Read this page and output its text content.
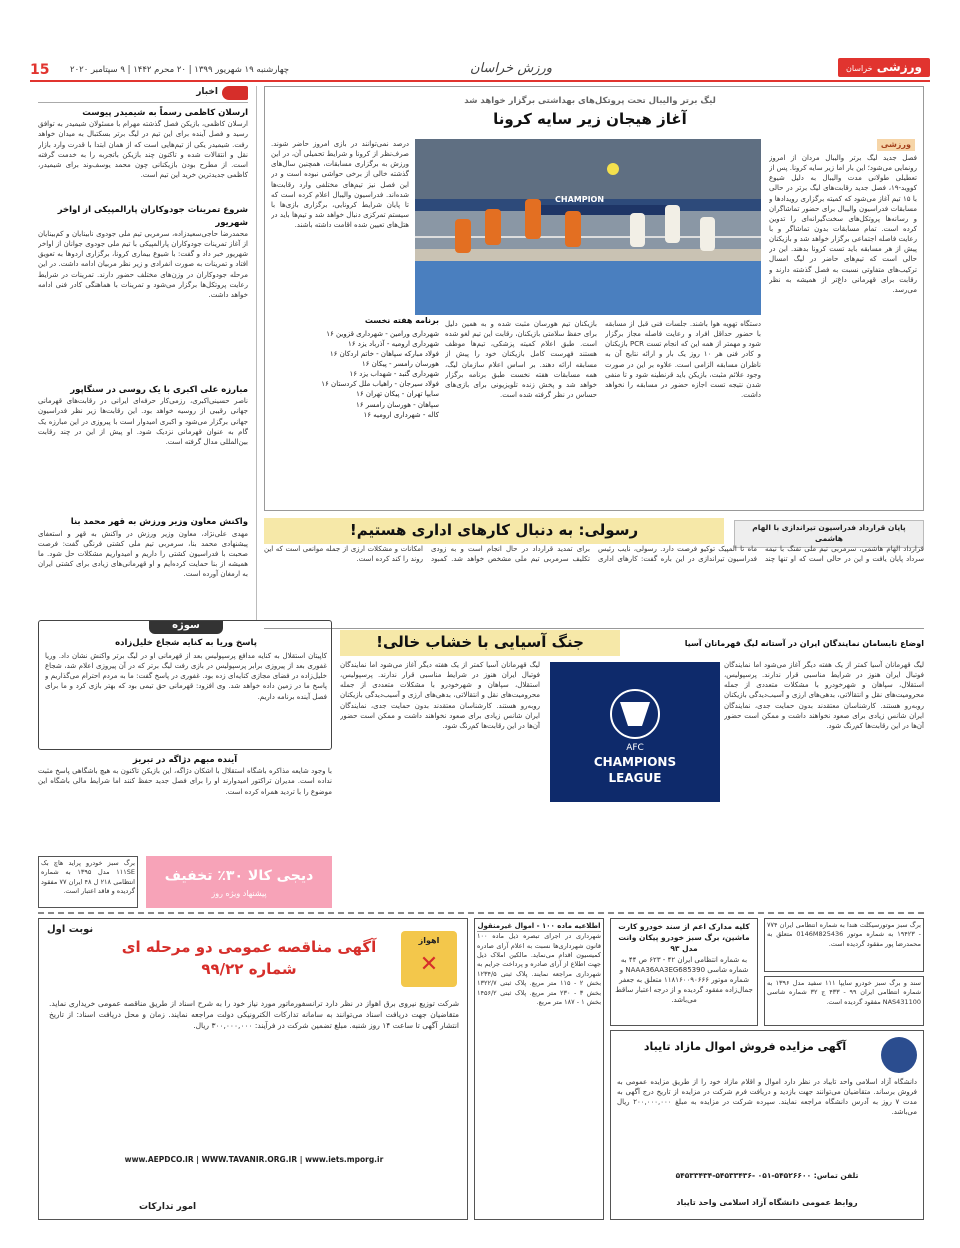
15 چهارشنبه ۱۹ شهریور ۱۳۹۹ | ۲۰ محرم ۱۴۴۲ | ۹ سپتامبر ۲۰۲۰	ورزش خراسان	ورزشی خراسان
اخبار
ارسلان کاظمی رسماً به شیمیدر پیوست
ارسلان کاظمی، بازیکن فصل گذشته مهرام با مسئولان شیمیدر به توافق رسید و فصل آینده برای این تیم در لیگ برتر بسکتبال به میدان خواهد رفت. شیمیدر یکی از تیم‌هایی است که از همان ابتدا با قدرت وارد بازار نقل و انتقالات شده و تاکنون چند بازیکن باتجربه را به خدمت گرفته است. از مطرح بودن بازیکنانی چون محمد یوسف‌وند برای شیمیدر، کاظمی جدیدترین خرید این تیم است.
شروع تمرینات جودوکاران پارالمپیکی از اواخر شهریور
محمدرضا حاجی‌سعیدزاده، سرمربی تیم ملی جودوی نابینایان و کم‌بینایان از آغاز تمرینات جودوکاران پارالمپیکی با تیم ملی جودوی جوانان از اواخر شهریور خبر داد و گفت: با شیوع بیماری کرونا، برگزاری اردوها به تعویق افتاد و تمرینات به صورت انفرادی و زیر نظر مربیان ادامه داشت. در این مرحله جودوکاران در وزن‌های مختلف حضور دارند. تمرینات در شرایط رعایت پروتکل‌ها برگزار می‌شود و تمرینات با هماهنگی کادر فنی ادامه خواهد داشت.
مبارزه علی اکبری با یک روسی در سنگاپور
ناصر حسینی‌اکبری، رزمی‌کار حرفه‌ای ایرانی در رقابت‌های قهرمانی جهانی رقیبی از روسیه خواهد بود. این رقابت‌ها زیر نظر فدراسیون جهانی برگزار می‌شود و اکبری امیدوار است با پیروزی در این مبارزه یک گام به عنوان قهرمانی نزدیک شود. او پیش از این در چند رقابت بین‌المللی مدال گرفته است.
واکنش معاون وزیر ورزش به قهر محمد بنا
مهدی علی‌نژاد، معاون وزیر ورزش در واکنش به قهر و استعفای پیشنهادی محمد بنا، سرمربی تیم ملی کشتی فرنگی گفت: فرصت صحبت با فدراسیون کشتی را داریم و امیدواریم مشکلات حل شود. ما همیشه از بنا حمایت کرده‌ایم و او قهرمانی‌های زیادی برای کشتی ایران به ارمغان آورده است.
لیگ برتر والیبال تحت پروتکل‌های بهداشتی برگزار خواهد شد
آغاز هیجان زیر سایه کرونا
CHAMPION
ورزشی
فصل جدید لیگ برتر والیبال مردان از امروز رونمایی می‌شود؛ این بار اما زیر سایه کرونا. پس از تعطیلی طولانی مدت والیبال به دلیل شیوع کووید-۱۹، فصل جدید رقابت‌های لیگ برتر در حالی با ۱۵ تیم آغاز می‌شود که کمیته برگزاری رویدادها و مسابقات فدراسیون والیبال برای حضور تماشاگران و رسانه‌ها پروتکل‌های سخت‌گیرانه‌ای را تدوین کرده است. تمام مسابقات بدون تماشاگر و با رعایت فاصله اجتماعی برگزار خواهد شد و بازیکنان پیش از هر مسابقه باید تست کرونا بدهند. این در حالی است که تیم‌های حاضر در لیگ امسال ترکیب‌های متفاوتی نسبت به فصل گذشته دارند و رقابت برای قهرمانی داغ‌تر از همیشه به نظر می‌رسد.
درصد نمی‌توانند در بازی امروز حاضر شوند. صرف‌نظر از کرونا و شرایط تحمیلی آن، در این ورزش به برگزاری مسابقات، همچنین سال‌های گذشته خالی از برخی حواشی نبوده است و در این فصل نیز تیم‌های مختلفی وارد رقابت‌ها شده‌اند. فدراسیون والیبال اعلام کرده است که تا پایان شرایط کرونایی، برگزاری بازی‌ها با سیستم تمرکزی دنبال خواهد شد و تیم‌ها باید در هتل‌های تعیین شده اقامت داشته باشند.
دستگاه تهویه هوا باشند. جلسات فنی قبل از مسابقه با حضور حداقل افراد و رعایت فاصله مجاز برگزار شود و مهمتر از همه این که انجام تست PCR بازیکنان و کادر فنی هر ۱۰ روز یک بار و ارائه نتایج آن به ناظران مسابقه الزامی است. علاوه بر این در صورت وجود علائم مثبت، بازیکن باید قرنطینه شود و تا منفی شدن نتیجه تست اجازه حضور در مسابقه را نخواهد داشت.
بازیکنان تیم هورسان مثبت شده و به همین دلیل برای حفظ سلامتی بازیکنان، رقابت این تیم لغو شده است. طبق اعلام کمیته پزشکی، تیم‌ها موظف هستند فهرست کامل بازیکنان خود را پیش از مسابقه ارائه دهند. بر اساس اعلام سازمان لیگ، همه مسابقات هفته نخست طبق برنامه برگزار خواهد شد و پخش زنده تلویزیونی برای بازی‌های حساس در نظر گرفته شده است.
برنامه هفته نخست
شهرداری ورامین - شهرداری قزوین ۱۶
شهرداری ارومیه - آذرباد یزد ۱۶
فولاد مبارکه سپاهان - خاتم اردکان ۱۶
هورسان رامسر - پیکان ۱۶
شهرداری گنبد - شهداب یزد ۱۶
فولاد سیرجان - راهیاب ملل کردستان ۱۶
سایپا تهران - پیکان تهران ۱۶
سپاهان - هورسان رامسر ۱۶
کاله - شهرداری ارومیه ۱۶
پایان قرارداد فدراسیون تیراندازی با الهام هاشمی
رسولی: به دنبال کارهای اداری هستیم!
قرارداد الهام هاشمی، سرمربی تیم ملی تفنگ با نیمه سرداد پایان یافت و این در حالی است که او تنها چند ماه تا المپیک توکیو فرصت دارد. رسولی، نایب رئیس فدراسیون تیراندازی در این باره گفت: کارهای اداری برای تمدید قرارداد در حال انجام است و به زودی تکلیف سرمربی تیم ملی مشخص خواهد شد. کمبود امکانات و مشکلات ارزی از جمله موانعی است که این روند را کند کرده است.
جنگ آسیایی با خشاب خالی!	اوضاع نابسامان نمایندگان ایران در آستانه لیگ قهرمانان آسیا
AFC
CHAMPIONS
LEAGUE
لیگ قهرمانان آسیا کمتر از یک هفته دیگر آغاز می‌شود اما نمایندگان فوتبال ایران هنوز در شرایط مناسبی قرار ندارند. پرسپولیس، استقلال، سپاهان و شهرخودرو با مشکلات متعددی از جمله محرومیت‌های نقل و انتقالاتی، بدهی‌های ارزی و آسیب‌دیدگی بازیکنان روبه‌رو هستند. کارشناسان معتقدند بدون حمایت جدی، نمایندگان ایران شانس زیادی برای صعود نخواهند داشت و ممکن است حضور آن‌ها در این رقابت‌ها کم‌رنگ شود.
لیگ قهرمانان آسیا کمتر از یک هفته دیگر آغاز می‌شود اما نمایندگان فوتبال ایران هنوز در شرایط مناسبی قرار ندارند. پرسپولیس، استقلال، سپاهان و شهرخودرو با مشکلات متعددی از جمله محرومیت‌های نقل و انتقالاتی، بدهی‌های ارزی و آسیب‌دیدگی بازیکنان روبه‌رو هستند. کارشناسان معتقدند بدون حمایت جدی، نمایندگان ایران شانس زیادی برای صعود نخواهند داشت و ممکن است حضور آن‌ها در این رقابت‌ها کم‌رنگ شود.
سوژه
پاسخ وریا به کنایه شجاع خلیل‌زاده
کاپیتان استقلال به کنایه مدافع پرسپولیس بعد از قهرمانی او در لیگ برتر واکنش نشان داد. وریا غفوری بعد از پیروزی برابر پرسپولیس در بازی رفت لیگ برتر که در آن پیروزی اعلام شد، شجاع خلیل‌زاده در فضای مجازی کنایه‌ای زده بود. غفوری در پاسخ گفت: ما به مردم احترام می‌گذاریم و پاسخ ما در زمین داده خواهد شد. وی افزود: قهرمانی حق تیمی بود که بهتر بازی کرد و ما برای فصل آینده برنامه داریم.
آینده مبهم دژاگه در تبریز
با وجود شایعه مذاکره باشگاه استقلال با اشکان دژاگه، این بازیکن تاکنون به هیچ باشگاهی پاسخ مثبت نداده است. مدیران تراکتور امیدوارند او را برای فصل جدید حفظ کنند اما شرایط مالی باشگاه این موضوع را با تردید همراه کرده است.
برگ سبز خودرو پراید هاچ بک ۱۱۱SE مدل ۱۳۹۵ به شماره انتظامی ۲۱۸ ل ۴۸ ایران ۷۷ مفقود گردیده و فاقد اعتبار است.
دیجی کالا ۳۰٪ تخفیف
پیشنهاد ویژه روز
اهواز
✕
نوبت اول
آگهی مناقصه عمومی دو مرحله ای شماره ۹۹/۲۲
شرکت توزیع نیروی برق اهواز در نظر دارد ترانسفورماتور مورد نیاز خود را به شرح اسناد از طریق مناقصه عمومی خریداری نماید. متقاضیان جهت دریافت اسناد می‌توانند به سامانه تدارکات الکترونیکی دولت مراجعه نمایند. زمان و محل دریافت اسناد: از تاریخ انتشار آگهی تا ساعت ۱۴ روز شنبه. مبلغ تضمین شرکت در فرآیند: ۳۰۰,۰۰۰,۰۰۰ ریال.
www.AEPDCO.IR | WWW.TAVANIR.ORG.IR | www.iets.mporg.ir
امور تدارکات
اطلاعیه ماده ۱۰۰ - اموال غیرمنقول
شهرداری در اجرای تبصره ذیل ماده ۱۰۰ قانون شهرداری‌ها نسبت به اعلام آرای صادره کمیسیون اقدام می‌نماید. مالکین املاک ذیل جهت اطلاع از آرای صادره و پرداخت جرایم به شهرداری مراجعه نمایند. پلاک ثبتی ۱۲۳۴/۵ بخش ۲ - ۱۱۵ متر مربع. پلاک ثبتی ۱۳۲۲/۷ بخش ۳ - ۲۳۰ متر مربع. پلاک ثبتی ۱۴۵۶/۲ بخش ۱ - ۱۸۷ متر مربع.
کلیه مدارک اعم از سند خودرو کارت ماشین، برگ سبز خودرو پیکان وانت مدل ۹۳
به شماره انتظامی ایران ۴۲ - ۶۲۳ ص ۴۴ به شماره شاسی NAAA36AA3EG685390 و شماره موتور ۱۱۸۱۶۰۰۹۰۶۶۶ متعلق به جعفر جمال‌زاده مفقود گردیده و از درجه اعتبار ساقط می‌باشد.
برگ سبز موتورسیکلت هندا به شماره انتظامی ایران ۷۷۴ - ۱۹۴۲۳ به شماره موتور 0146M825436 متعلق به محمدرضا پور مفقود گردیده است.
سند و برگ سبز خودرو سایپا ۱۱۱ سفید مدل ۱۳۹۶ به شماره انتظامی ایران ۹۹ - ۴۳۳ ج ۳۲ شماره شاسی NAS431100 مفقود گردیده است.
آگهی مزایده فروش اموال مازاد تایباد
دانشگاه آزاد اسلامی واحد تایباد در نظر دارد اموال و اقلام مازاد خود را از طریق مزایده عمومی به فروش برساند. متقاضیان می‌توانند جهت بازدید و دریافت فرم شرکت در مزایده از تاریخ درج آگهی به مدت ۷ روز به آدرس دانشگاه مراجعه نمایند. سپرده شرکت در مزایده به مبلغ ۲۰۰,۰۰۰,۰۰۰ ریال می‌باشد.
تلفن تماس: ۵۴۵۲۶۶۰۰-۰۵۱ -۵۴۵۳۳۴۳۶-۵۴۵۳۳۴۳۴
روابط عمومی دانشگاه آزاد اسلامی واحد تایباد
